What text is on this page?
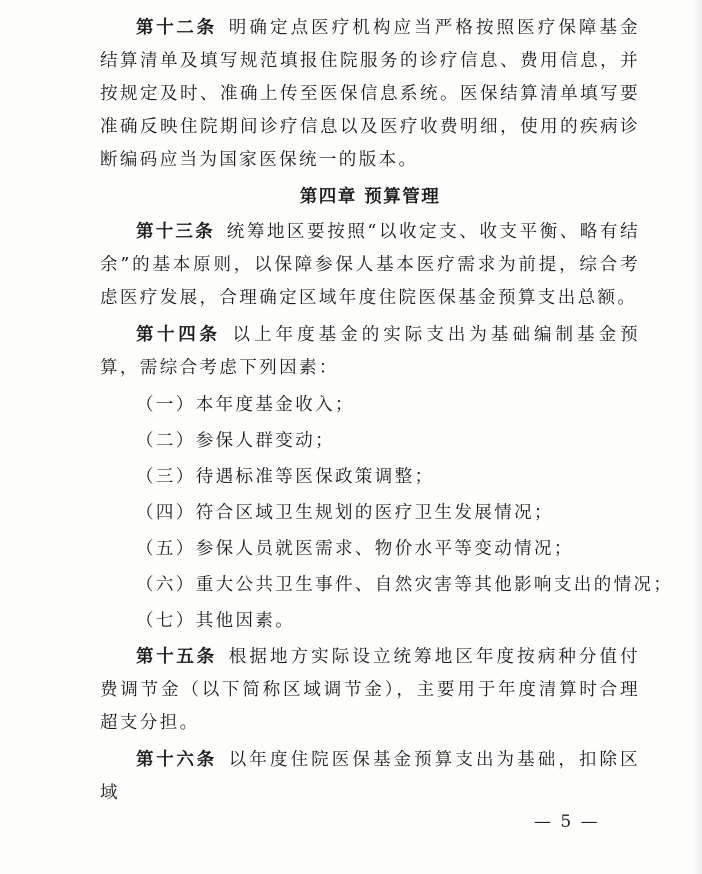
第十二条 明确定点医疗机构应当严格按照医疗保障基金结算清单及填写规范填报住院服务的诊疗信息、费用信息，并按规定及时、准确上传至医保信息系统。医保结算清单填写要准确反映住院期间诊疗信息以及医疗收费明细，使用的疾病诊断编码应当为国家医保统一的版本。

第四章 预算管理

第十三条 统筹地区要按照“以收定支、收支平衡、略有结余”的基本原则，以保障参保人基本医疗需求为前提，综合考虑医疗发展，合理确定区域年度住院医保基金预算支出总额。

第十四条 以上年度基金的实际支出为基础编制基金预算，需综合考虑下列因素：

（一）本年度基金收入；
（二）参保人群变动；
（三）待遇标准等医保政策调整；
（四）符合区域卫生规划的医疗卫生发展情况；
（五）参保人员就医需求、物价水平等变动情况；
（六）重大公共卫生事件、自然灾害等其他影响支出的情况；
（七）其他因素。

第十五条 根据地方实际设立统筹地区年度按病种分值付费调节金（以下简称区域调节金），主要用于年度清算时合理超支分担。

第十六条 以年度住院医保基金预算支出为基础，扣除区域

— 5 —
